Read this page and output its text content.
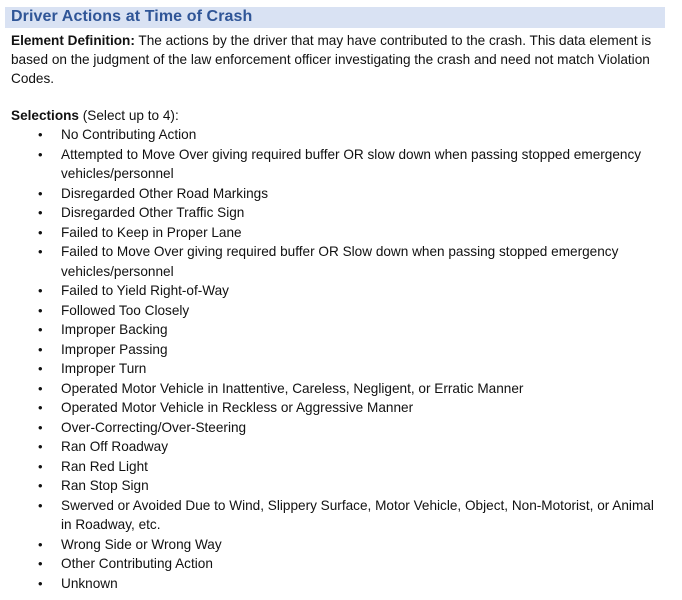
Driver Actions at Time of Crash
Element Definition: The actions by the driver that may have contributed to the crash. This data element is based on the judgment of the law enforcement officer investigating the crash and need not match Violation Codes.
Selections (Select up to 4):
• No Contributing Action
• Attempted to Move Over giving required buffer OR slow down when passing stopped emergency vehicles/personnel
• Disregarded Other Road Markings
• Disregarded Other Traffic Sign
• Failed to Keep in Proper Lane
• Failed to Move Over giving required buffer OR Slow down when passing stopped emergency vehicles/personnel
• Failed to Yield Right-of-Way
• Followed Too Closely
• Improper Backing
• Improper Passing
• Improper Turn
• Operated Motor Vehicle in Inattentive, Careless, Negligent, or Erratic Manner
• Operated Motor Vehicle in Reckless or Aggressive Manner
• Over-Correcting/Over-Steering
• Ran Off Roadway
• Ran Red Light
• Ran Stop Sign
• Swerved or Avoided Due to Wind, Slippery Surface, Motor Vehicle, Object, Non-Motorist, or Animal in Roadway, etc.
• Wrong Side or Wrong Way
• Other Contributing Action
• Unknown
